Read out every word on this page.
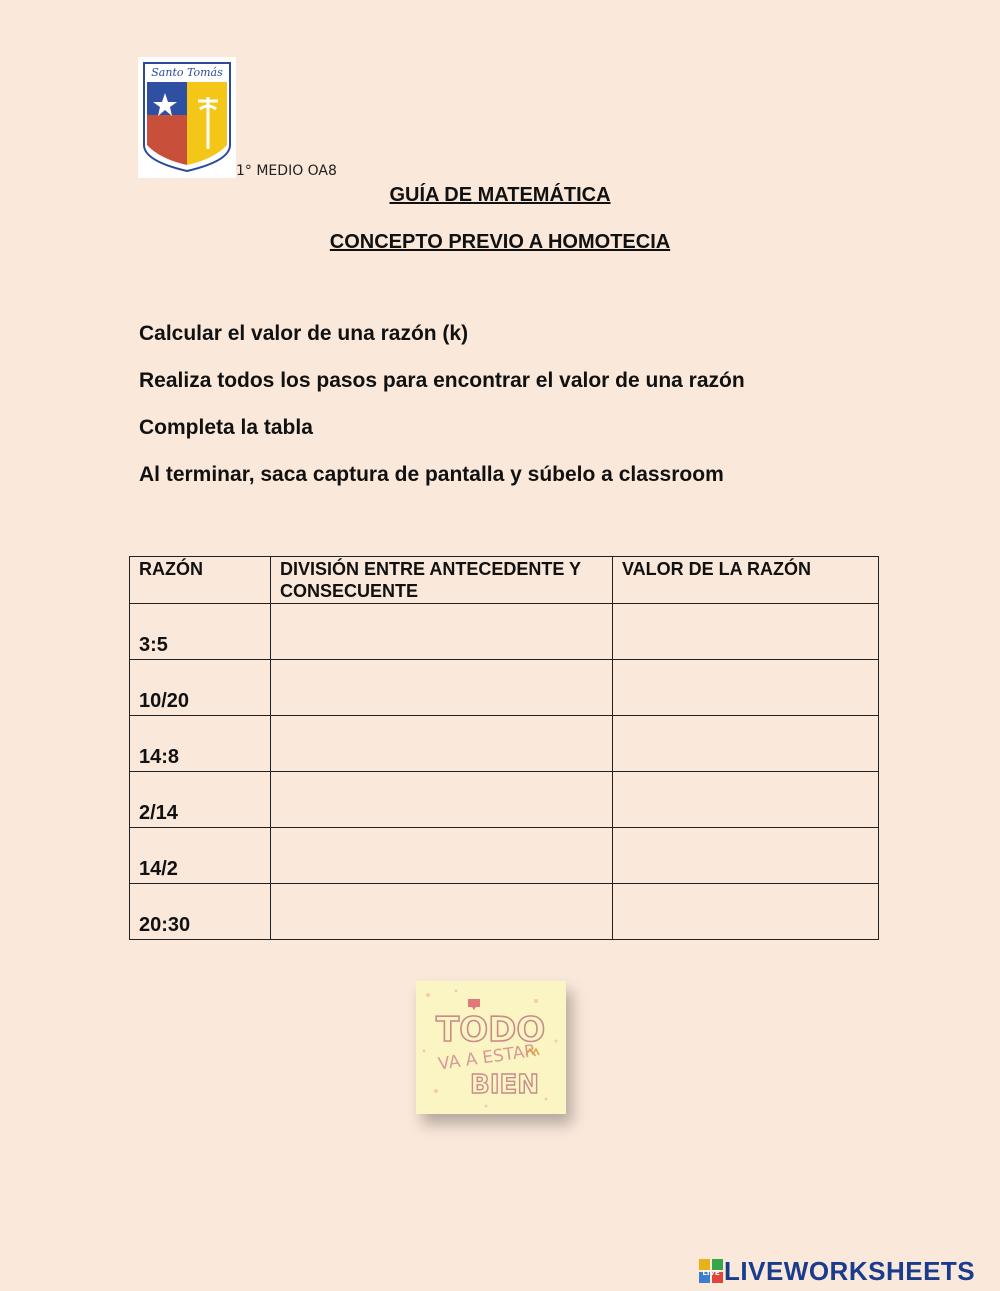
Santo Tomás
1° MEDIO OA8
GUÍA DE MATEMÁTICA
CONCEPTO PREVIO A HOMOTECIA
Calcular el valor de una razón (k)
Realiza todos los pasos para encontrar el valor de una razón
Completa la tabla
Al terminar, saca captura de pantalla y súbelo a classroom
RAZÓN	DIVISIÓN ENTRE ANTECEDENTE Y CONSECUENTE	VALOR DE LA RAZÓN
3:5	

10/20	

14:8	

2/14	

14/2	

20:30	

TODO
VA A ESTAR
BIEN
LIVE LIVEWORKSHEETS
